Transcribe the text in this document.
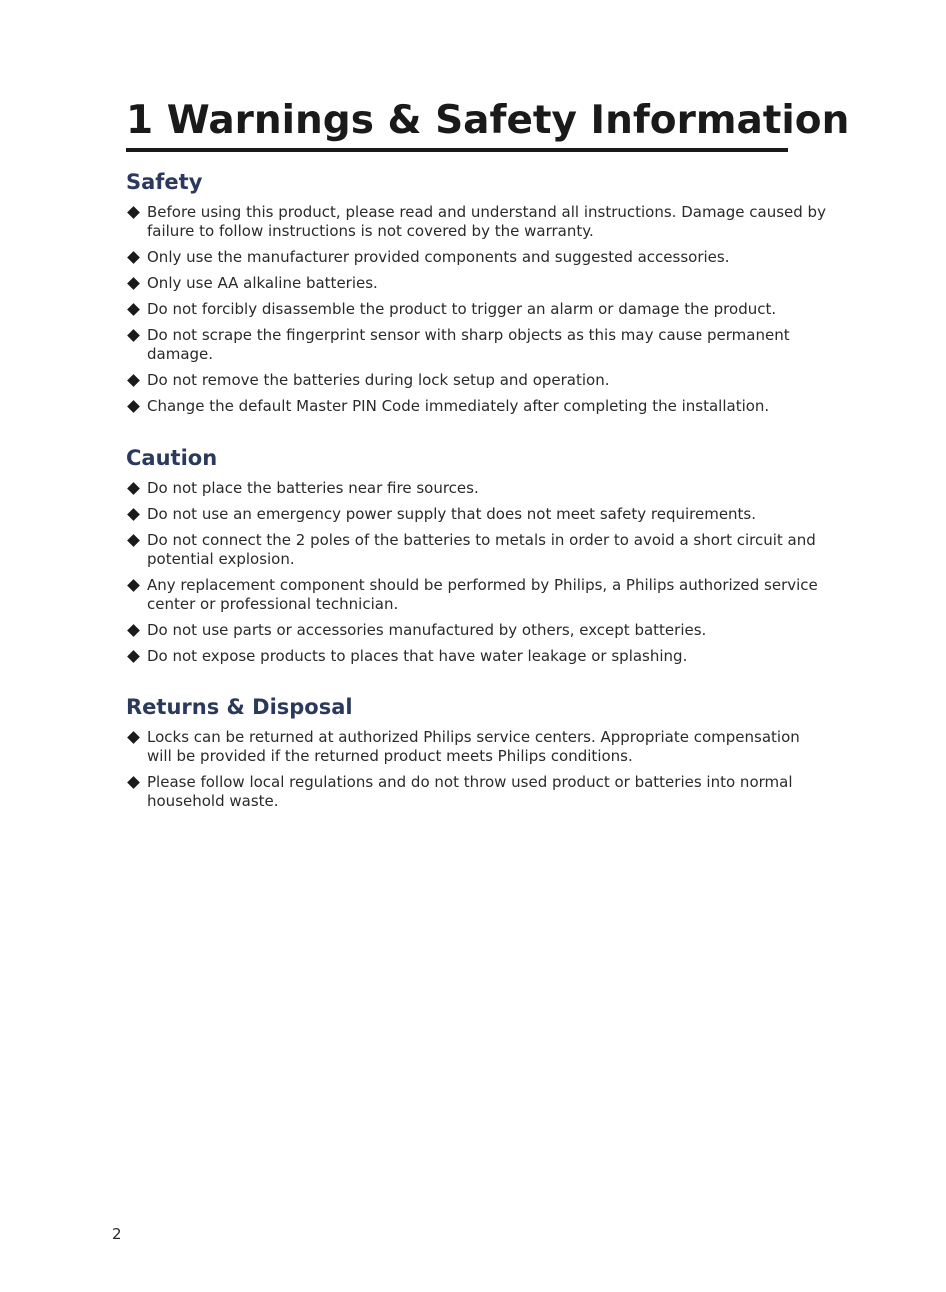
1 Warnings & Safety Information
Safety
Before using this product, please read and understand all instructions. Damage caused by failure to follow instructions is not covered by the warranty.
Only use the manufacturer provided components and suggested accessories.
Only use AA alkaline batteries.
Do not forcibly disassemble the product to trigger an alarm or damage the product.
Do not scrape the fingerprint sensor with sharp objects as this may cause permanent damage.
Do not remove the batteries during lock setup and operation.
Change the default Master PIN Code immediately after completing the installation.
Caution
Do not place the batteries near fire sources.
Do not use an emergency power supply that does not meet safety requirements.
Do not connect the 2 poles of the batteries to metals in order to avoid a short circuit and potential explosion.
Any replacement component should be performed by Philips, a Philips authorized service center or professional technician.
Do not use parts or accessories manufactured by others, except batteries.
Do not expose products to places that have water leakage or splashing.
Returns & Disposal
Locks can be returned at authorized Philips service centers. Appropriate compensation will be provided if the returned product meets Philips conditions.
Please follow local regulations and do not throw used product or batteries into normal household waste.
2
